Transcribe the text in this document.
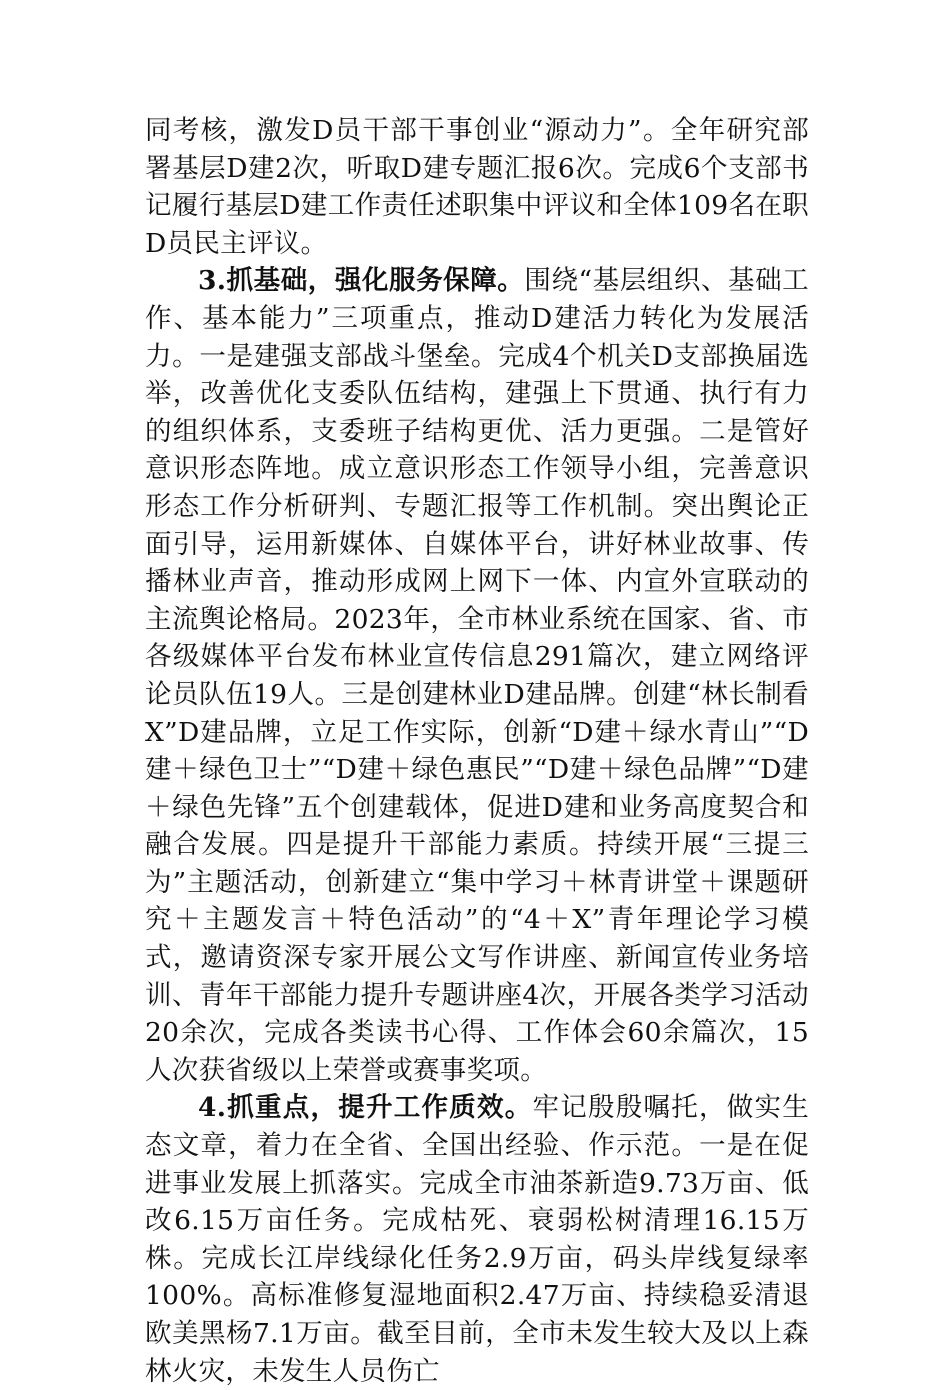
同考核，激发D员干部干事创业“源动力”。全年研究部署基层D建2次，听取D建专题汇报6次。完成6个支部书记履行基层D建工作责任述职集中评议和全体109名在职D员民主评议。

3.抓基础，强化服务保障。围绕“基层组织、基础工作、基本能力”三项重点，推动D建活力转化为发展活力。一是建强支部战斗堡垒。完成4个机关D支部换届选举，改善优化支委队伍结构，建强上下贯通、执行有力的组织体系，支委班子结构更优、活力更强。二是管好意识形态阵地。成立意识形态工作领导小组，完善意识形态工作分析研判、专题汇报等工作机制。突出舆论正面引导，运用新媒体、自媒体平台，讲好林业故事、传播林业声音，推动形成网上网下一体、内宣外宣联动的主流舆论格局。2023年，全市林业系统在国家、省、市各级媒体平台发布林业宣传信息291篇次，建立网络评论员队伍19人。三是创建林业D建品牌。创建“林长制看X”D建品牌，立足工作实际，创新“D建＋绿水青山”“D建＋绿色卫士”“D建＋绿色惠民”“D建＋绿色品牌”“D建＋绿色先锋”五个创建载体，促进D建和业务高度契合和融合发展。四是提升干部能力素质。持续开展“三提三为”主题活动，创新建立“集中学习＋林青讲堂＋课题研究＋主题发言＋特色活动”的“4＋X”青年理论学习模式，邀请资深专家开展公文写作讲座、新闻宣传业务培训、青年干部能力提升专题讲座4次，开展各类学习活动20余次，完成各类读书心得、工作体会60余篇次，15人次获省级以上荣誉或赛事奖项。

4.抓重点，提升工作质效。牢记殷殷嘱托，做实生态文章，着力在全省、全国出经验、作示范。一是在促进事业发展上抓落实。完成全市油茶新造9.73万亩、低改6.15万亩任务。完成枯死、衰弱松树清理16.15万株。完成长江岸线绿化任务2.9万亩，码头岸线复绿率100%。高标准修复湿地面积2.47万亩、持续稳妥清退欧美黑杨7.1万亩。截至目前，全市未发生较大及以上森林火灾，未发生人员伤亡
